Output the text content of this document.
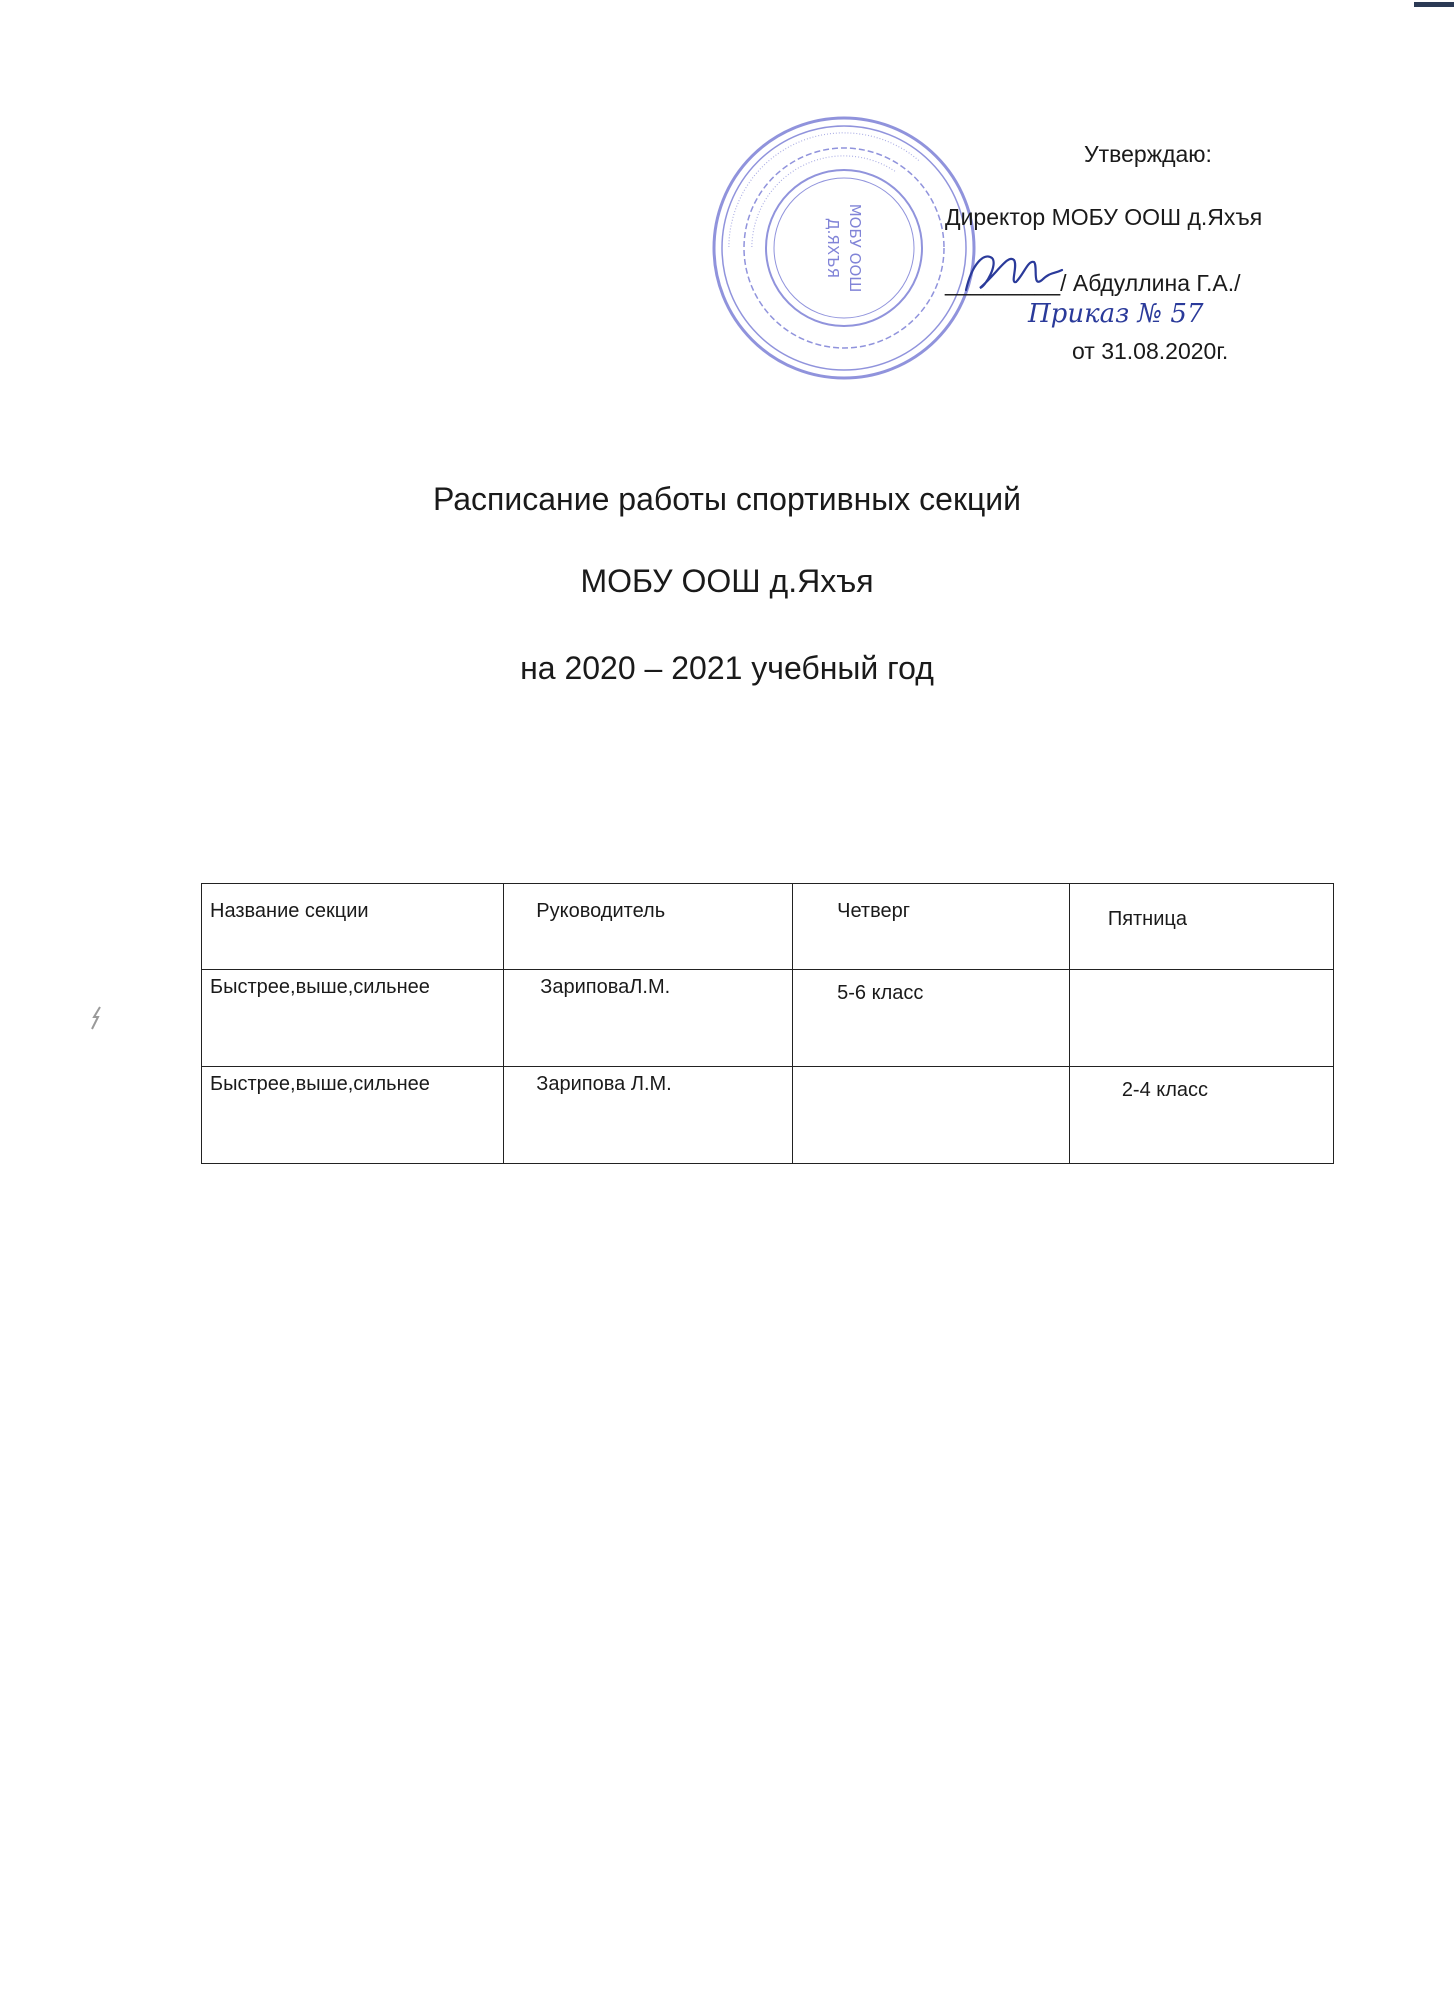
·························································································
···································································
МОБУ ООШ
Д.ЯХЪЯ
Утверждаю:
Директор МОБУ ООШ д.Яхъя
_________/ Абдуллина Г.А./
Приказ № 57
от 31.08.2020г.
Расписание работы спортивных секций
МОБУ ООШ д.Яхъя
на 2020 – 2021 учебный год
Название секции	Руководитель	Четверг	Пятница
Быстрее,выше,сильнее	ЗариповаЛ.М.	5-6 класс	
Быстрее,выше,сильнее	Зарипова Л.М.		2-4 класс
